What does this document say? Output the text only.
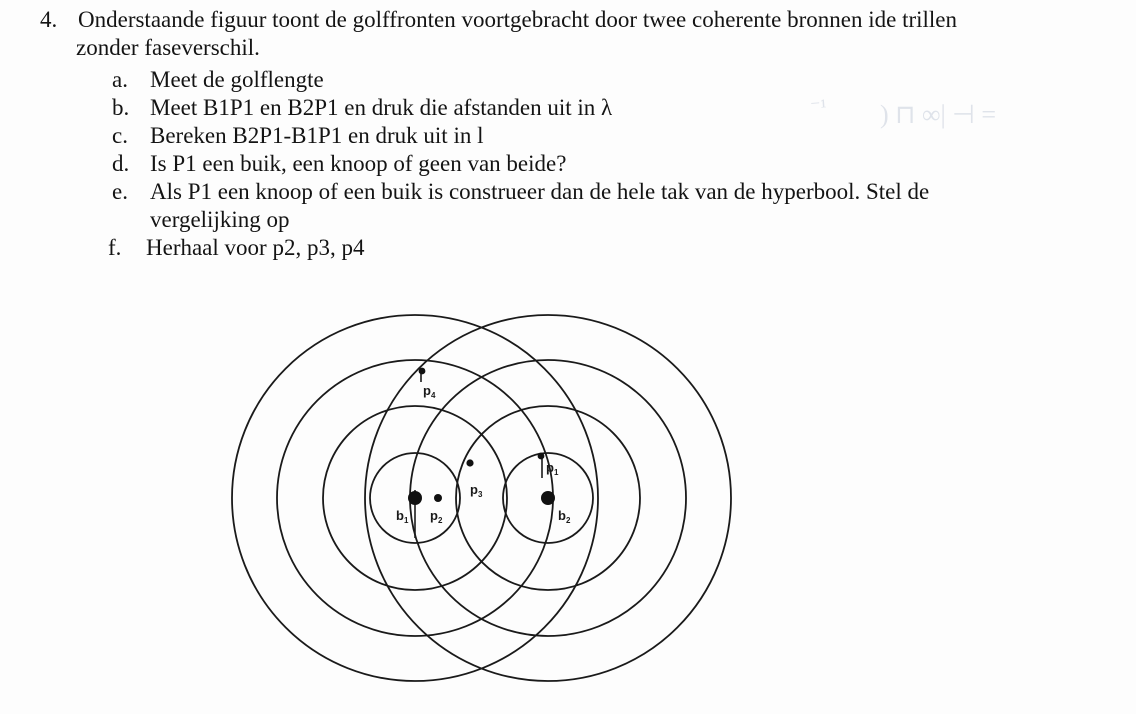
⁻¹ ) ⊓ ∞| ⊣ =
4. Onderstaande figuur toont de golffronten voortgebracht door twee coherente bronnen ide trillen
zonder faseverschil.
a. Meet de golflengte
b. Meet B1P1 en B2P1 en druk die afstanden uit in λ
c. Bereken B2P1-B1P1 en druk uit in l
d. Is P1 een buik, een knoop of geen van beide?
e. Als P1 een knoop of een buik is construeer dan de hele tak van de hyperbool. Stel de
vergelijking op
f. Herhaal voor p2, p3, p4
$p_4$
$p_3$
$p_1$
$p_2$
$b_1$	$b_2$
